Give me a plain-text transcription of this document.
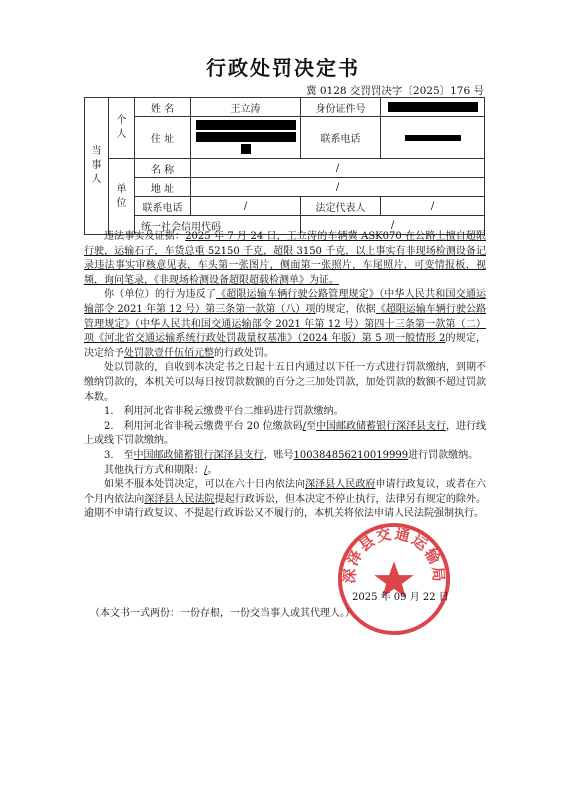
行政处罚决定书
冀 0128 交罚罚决字〔2025〕176 号
当事人	个人	姓 名	王立涛	身份证件号	
		住 址		联系电话	
	单位	名 称	/		
		地 址	/		
		联系电话	/	法定代表人	/
		统一社会信用代码		/	

违法事实及证据：2025 年 7 月 24 日，王立涛的车辆冀 ASK070 在公路上擅自超限行驶，运输石子，车货总重 52150 千克，超限 3150 千克，以上事实有非现场检测设备记录违法事实审核意见表，车头第一张图片，侧面第一张照片，车尾照片，可变情报板，视频，询问笔录，《非现场检测设备超限超载检测单》为证。

你（单位）的行为违反了《超限运输车辆行驶公路管理规定》（中华人民共和国交通运输部令 2021 年第 12 号）第三条第一款第（八）项的规定，依据《超限运输车辆行驶公路管理规定》（中华人民共和国交通运输部令 2021 年第 12 号）第四十三条第一款第（二）项《河北省交通运输系统行政处罚裁量权基准》（2024 年版）第 5 项一般情形 2的规定，决定给予处罚款壹仟伍佰元整的行政处罚。

处以罚款的，自收到本决定书之日起十五日内通过以下任一方式进行罚款缴纳，到期不缴纳罚款的，本机关可以每日按罚款数额的百分之三加处罚款，加处罚款的数额不超过罚款本数。

1.　利用河北省非税云缴费平台二维码进行罚款缴纳。

2.　利用河北省非税云缴费平台 20 位缴款码/至中国邮政储蓄银行深泽县支行，进行线上或线下罚款缴纳。

3.　至中国邮政储蓄银行深泽县支行，账号100384856210019999进行罚款缴纳。

其他执行方式和期限：/。

如果不服本处罚决定，可以在六十日内依法向深泽县人民政府申请行政复议，或者在六个月内依法向深泽县人民法院提起行政诉讼，但本决定不停止执行，法律另有规定的除外。逾期不申请行政复议、不提起行政诉讼又不履行的，本机关将依法申请人民法院强制执行。

深泽县交通运输局
2025 年 09 月 22 日
（本文书一式两份：一份存根，一份交当事人或其代理人。）
